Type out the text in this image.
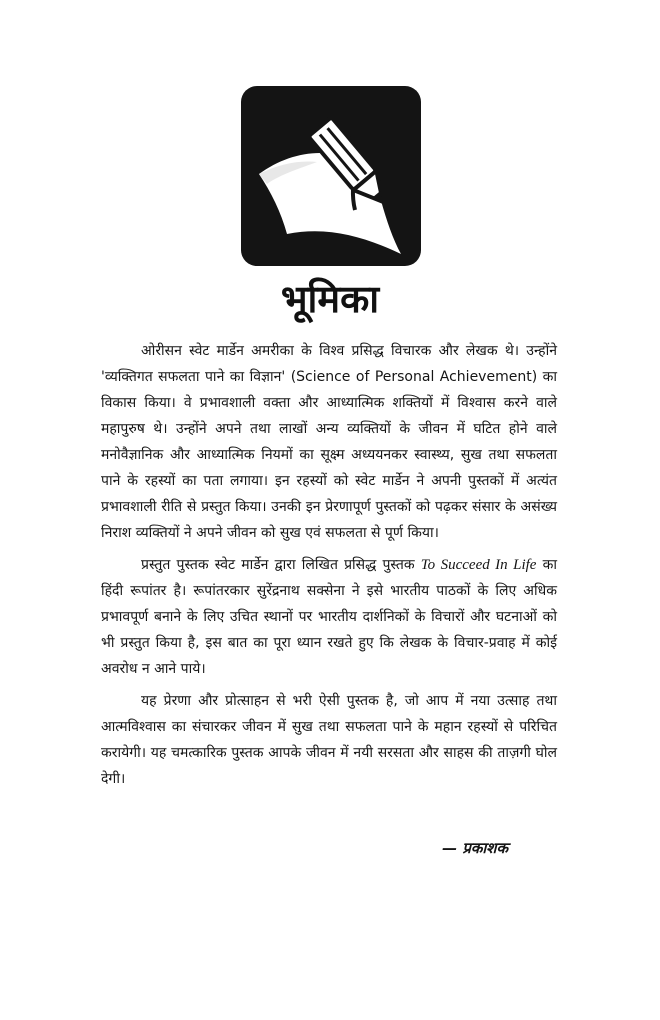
भूमिका

ओरीसन स्वेट मार्डेन अमरीका के विश्व प्रसिद्ध विचारक और लेखक थे। उन्होंने 'व्यक्तिगत सफलता पाने का विज्ञान' (Science of Personal Achievement) का विकास किया। वे प्रभावशाली वक्ता और आध्यात्मिक शक्तियों में विश्वास करने वाले महापुरुष थे। उन्होंने अपने तथा लाखों अन्य व्यक्तियों के जीवन में घटित होने वाले मनोवैज्ञानिक और आध्यात्मिक नियमों का सूक्ष्म अध्ययनकर स्वास्थ्य, सुख तथा सफलता पाने के रहस्यों का पता लगाया। इन रहस्यों को स्वेट मार्डेन ने अपनी पुस्तकों में अत्यंत प्रभावशाली रीति से प्रस्तुत किया। उनकी इन प्रेरणापूर्ण पुस्तकों को पढ़कर संसार के असंख्य निराश व्यक्तियों ने अपने जीवन को सुख एवं सफलता से पूर्ण किया।

प्रस्तुत पुस्तक स्वेट मार्डेन द्वारा लिखित प्रसिद्ध पुस्तक To Succeed In Life का हिंदी रूपांतर है। रूपांतरकार सुरेंद्रनाथ सक्सेना ने इसे भारतीय पाठकों के लिए अधिक प्रभावपूर्ण बनाने के लिए उचित स्थानों पर भारतीय दार्शनिकों के विचारों और घटनाओं को भी प्रस्तुत किया है, इस बात का पूरा ध्यान रखते हुए कि लेखक के विचार-प्रवाह में कोई अवरोध न आने पाये।

यह प्रेरणा और प्रोत्साहन से भरी ऐसी पुस्तक है, जो आप में नया उत्साह तथा आत्मविश्वास का संचारकर जीवन में सुख तथा सफलता पाने के महान रहस्यों से परिचित करायेगी। यह चमत्कारिक पुस्तक आपके जीवन में नयी सरसता और साहस की ताज़गी घोल देगी।

— प्रकाशक
